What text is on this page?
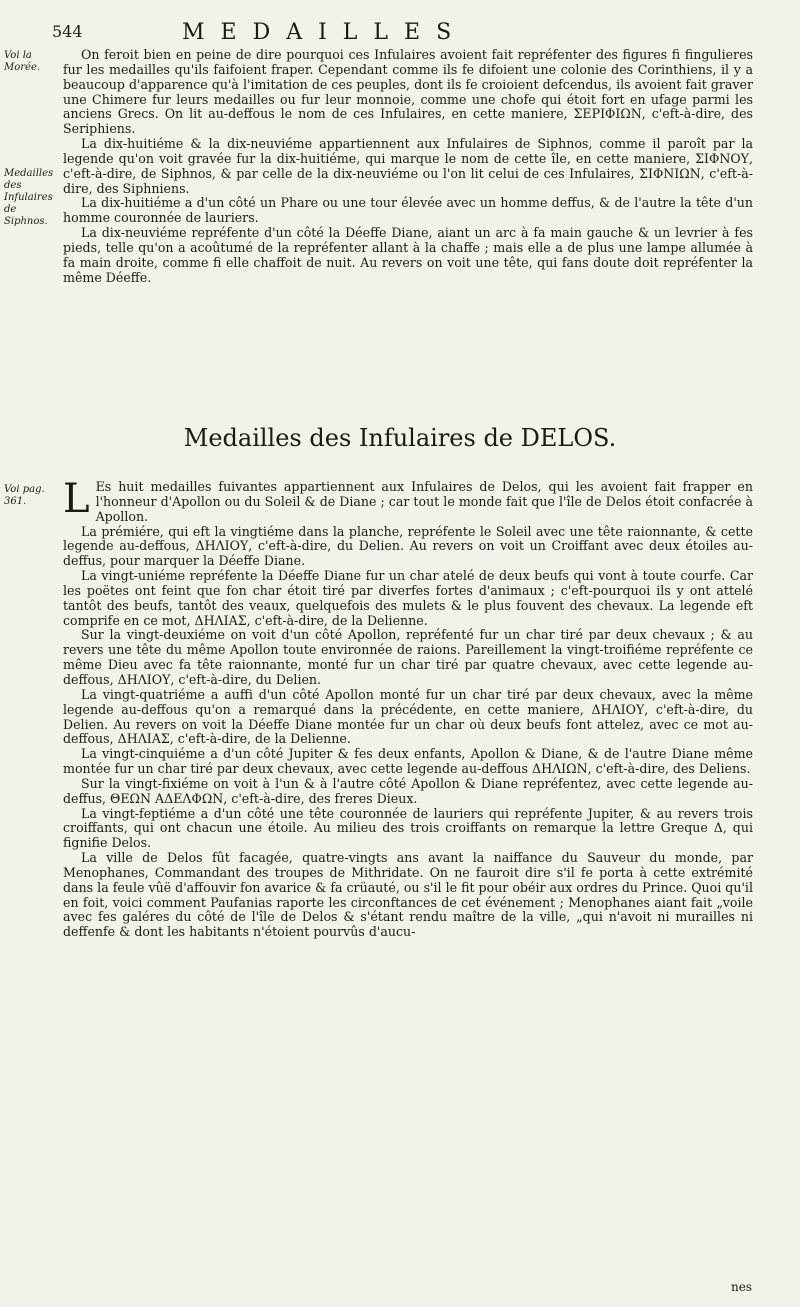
544	MEDAILLES
Voi la Morée.
Medailles des Infulaires de Siphnos.
Voi pag. 361.

On feroit bien en peine de dire pourquoi ces Infulaires avoient fait repréfenter des figures fi fingulieres fur les medailles qu'ils faifoient fraper. Cependant comme ils fe difoient une colonie des Corinthiens, il y a beaucoup d'apparence qu'à l'imitation de ces peuples, dont ils fe croioient defcendus, ils avoient fait graver une Chimere fur leurs medailles ou fur leur monnoie, comme une chofe qui étoit fort en ufage parmi les anciens Grecs. On lit au-deffous le nom de ces Infulaires, en cette maniere, ΣΕΡΙΦΙΩΝ, c'eft-à-dire, des Seriphiens.

La dix-huitiéme & la dix-neuviéme appartiennent aux Infulaires de Siphnos, comme il paroît par la legende qu'on voit gravée fur la dix-huitiéme, qui marque le nom de cette île, en cette maniere, ΣΙΦΝΟΥ, c'eft-à-dire, de Siphnos, & par celle de la dix-neuviéme ou l'on lit celui de ces Infulaires, ΣΙΦΝΙΩΝ, c'eft-à-dire, des Siphniens.

La dix-huitiéme a d'un côté un Phare ou une tour élevée avec un homme deffus, & de l'autre la tête d'un homme couronnée de lauriers.

La dix-neuviéme repréfente d'un côté la Déeffe Diane, aiant un arc à fa main gauche & un levrier à fes pieds, telle qu'on a acoûtumé de la repréfenter allant à la chaffe ; mais elle a de plus une lampe allumée à fa main droite, comme fi elle chaffoit de nuit. Au revers on voit une tête, qui fans doute doit repréfenter la même Déeffe.

Medailles des Infulaires de DELOS.

L Es huit medailles fuivantes appartiennent aux Infulaires de Delos, qui les avoient fait frapper en l'honneur d'Apollon ou du Soleil & de Diane ; car tout le monde fait que l'île de Delos étoit confacrée à Apollon.

La prémiére, qui eft la vingtiéme dans la planche, repréfente le Soleil avec une tête raionnante, & cette legende au-deffous, ΔΗΛΙΟΥ, c'eft-à-dire, du Delien. Au revers on voit un Croiffant avec deux étoiles au-deffus, pour marquer la Déeffe Diane.

La vingt-uniéme repréfente la Déeffe Diane fur un char atelé de deux beufs qui vont à toute courfe. Car les poëtes ont feint que fon char étoit tiré par diverfes fortes d'animaux ; c'eft-pourquoi ils y ont attelé tantôt des beufs, tantôt des veaux, quelquefois des mulets & le plus fouvent des chevaux. La legende eft comprife en ce mot, ΔΗΛΙΑΣ, c'eft-à-dire, de la Delienne.

Sur la vingt-deuxiéme on voit d'un côté Apollon, repréfenté fur un char tiré par deux chevaux ; & au revers une tête du même Apollon toute environnée de raions. Pareillement la vingt-troifiéme repréfente ce même Dieu avec fa tête raionnante, monté fur un char tiré par quatre chevaux, avec cette legende au-deffous, ΔΗΛΙΟΥ, c'eft-à-dire, du Delien.

La vingt-quatriéme a auffi d'un côté Apollon monté fur un char tiré par deux chevaux, avec la même legende au-deffous qu'on a remarqué dans la précédente, en cette maniere, ΔΗΛΙΟΥ, c'eft-à-dire, du Delien. Au revers on voit la Déeffe Diane montée fur un char où deux beufs font attelez, avec ce mot au-deffous, ΔΗΛΙΑΣ, c'eft-à-dire, de la Delienne.

La vingt-cinquiéme a d'un côté Jupiter & fes deux enfants, Apollon & Diane, & de l'autre Diane même montée fur un char tiré par deux chevaux, avec cette legende au-deffous ΔΗΛΙΩΝ, c'eft-à-dire, des Deliens.

Sur la vingt-fixiéme on voit à l'un & à l'autre côté Apollon & Diane repréfentez, avec cette legende au-deffus, ΘΕΩΝ ΑΔΕΛΦΩΝ, c'eft-à-dire, des freres Dieux.

La vingt-feptiéme a d'un côté une tête couronnée de lauriers qui repréfente Jupiter, & au revers trois croiffants, qui ont chacun une étoile. Au milieu des trois croiffants on remarque la lettre Greque Δ, qui fignifie Delos.

La ville de Delos fût facagée, quatre-vingts ans avant la naiffance du Sauveur du monde, par Menophanes, Commandant des troupes de Mithridate. On ne fauroit dire s'il fe porta à cette extrémité dans la feule vûë d'affouvir fon avarice & fa crüauté, ou s'il le fit pour obéir aux ordres du Prince. Quoi qu'il en foit, voici comment Paufanias raporte les circonftances de cet événement ; Menophanes aiant fait „voile avec fes galéres du côté de l'île de Delos & s'étant rendu maître de la ville, „qui n'avoit ni murailles ni deffenfe & dont les habitants n'étoient pourvûs d'aucu-

nes
